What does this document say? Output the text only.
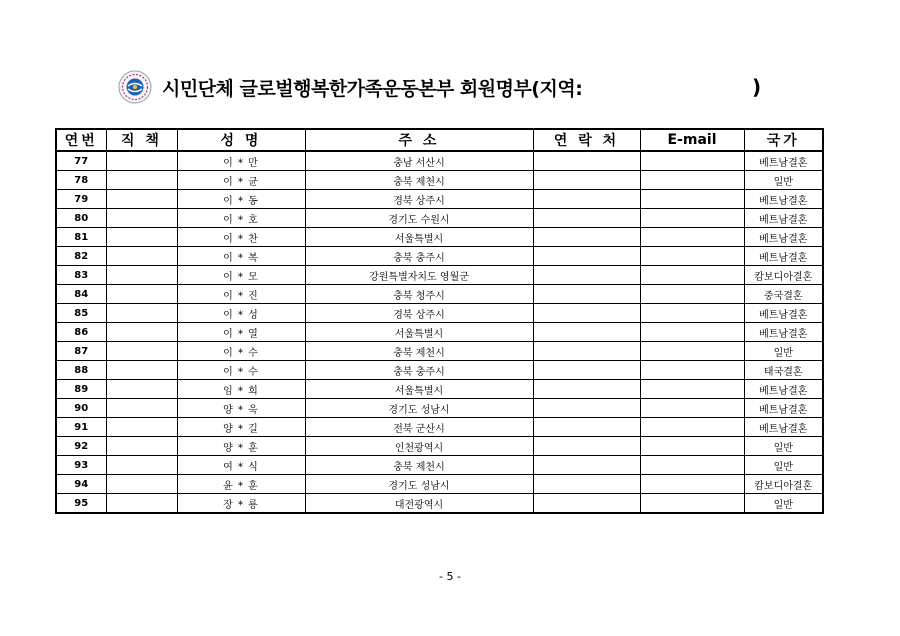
시민단체 글로벌행복한가족운동본부 회원명부(지역:	)
연번	직 책	성 명	주 소	연 락 처	E-mail	국가
77		이 * 만	충남 서산시			베트남결혼
78		이 * 균	충북 제천시			일반
79		이 * 동	경북 상주시			베트남결혼
80		이 * 호	경기도 수원시			베트남결혼
81		이 * 찬	서울특별시			베트남결혼
82		이 * 복	충북 충주시			베트남결혼
83		이 * 모	강원특별자치도 영월군			캄보디아결혼
84		이 * 진	충북 청주시			중국결혼
85		이 * 성	경북 상주시			베트남결혼
86		이 * 열	서울특별시			베트남결혼
87		이 * 수	충북 제천시			일반
88		이 * 수	충북 충주시			태국결혼
89		임 * 희	서울특별시			베트남결혼
90		양 * 욱	경기도 성남시			베트남결혼
91		양 * 길	전북 군산시			베트남결혼
92		양 * 훈	인천광역시			일반
93		여 * 식	충북 제천시			일반
94		윤 * 훈	경기도 성남시			캄보디아결혼
95		장 * 룡	대전광역시			일반
- 5 -
